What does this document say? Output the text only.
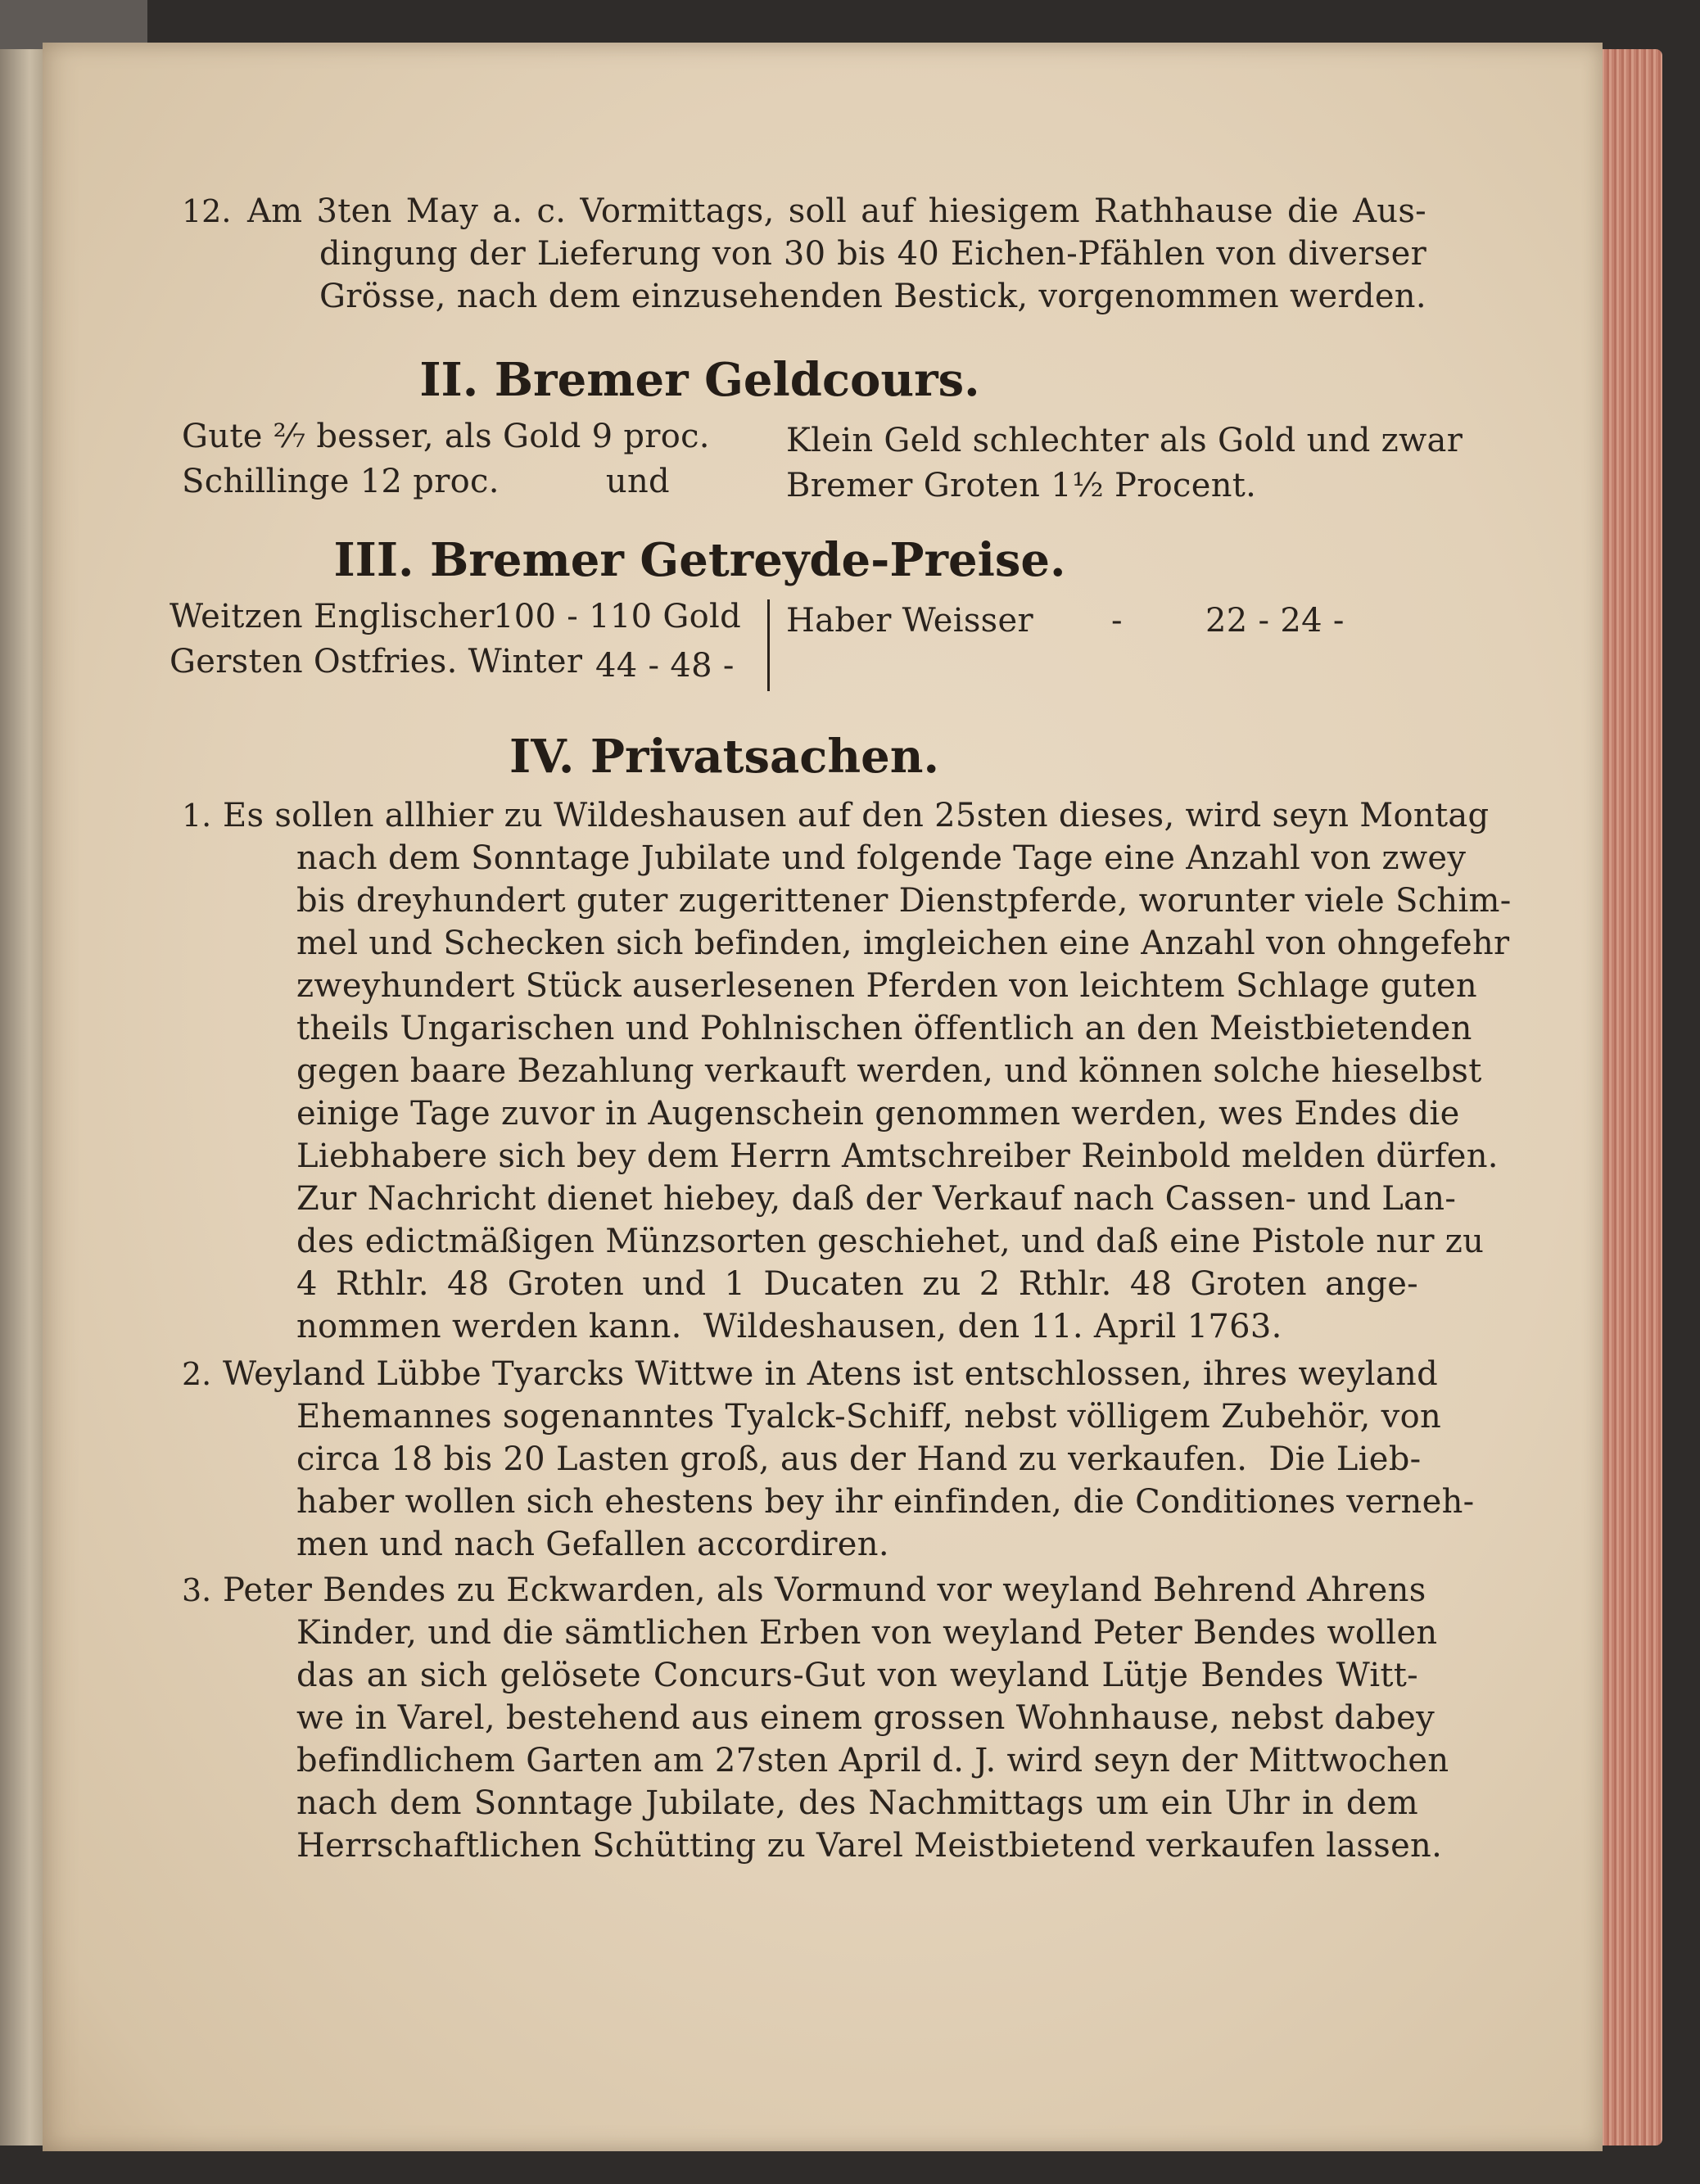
12. Am 3ten May a. c. Vormittags, soll auf hiesigem Rathhause die Aus-
dingung der Lieferung von 30 bis 40 Eichen-Pfählen von diverser
Grösse, nach dem einzusehenden Bestick, vorgenommen werden.
II. Bremer Geldcours.
Gute ²⁄₇ besser, als Gold 9 proc.
Schillinge 12 proc.          und
Klein Geld schlechter als Gold und zwar
Bremer Groten 1½ Procent.
III. Bremer Getreyde-Preise.
Weitzen Englischer
100 - 110 Gold
Gersten Ostfries. Winter 44 - 48 -
Haber Weisser -	22 - 24 -
IV. Privatsachen.
1. Es sollen allhier zu Wildeshausen auf den 25sten dieses, wird seyn Montag
nach dem Sonntage Jubilate und folgende Tage eine Anzahl von zwey
bis dreyhundert guter zugerittener Dienstpferde, worunter viele Schim-
mel und Schecken sich befinden, imgleichen eine Anzahl von ohngefehr
zweyhundert Stück auserlesenen Pferden von leichtem Schlage guten
theils Ungarischen und Pohlnischen öffentlich an den Meistbietenden
gegen baare Bezahlung verkauft werden, und können solche hieselbst
einige Tage zuvor in Augenschein genommen werden, wes Endes die
Liebhabere sich bey dem Herrn Amtschreiber Reinbold melden dürfen.
Zur Nachricht dienet hiebey, daß der Verkauf nach Cassen- und Lan-
des edictmäßigen Münzsorten geschiehet, und daß eine Pistole nur zu
4 Rthlr. 48 Groten und 1 Ducaten zu 2 Rthlr. 48 Groten ange-
nommen werden kann.  Wildeshausen, den 11. April 1763.
2. Weyland Lübbe Tyarcks Wittwe in Atens ist entschlossen, ihres weyland
Ehemannes sogenanntes Tyalck-Schiff, nebst völligem Zubehör, von
circa 18 bis 20 Lasten groß, aus der Hand zu verkaufen.  Die Lieb-
haber wollen sich ehestens bey ihr einfinden, die Conditiones verneh-
men und nach Gefallen accordiren.
3. Peter Bendes zu Eckwarden, als Vormund vor weyland Behrend Ahrens
Kinder, und die sämtlichen Erben von weyland Peter Bendes wollen
das an sich gelösete Concurs-Gut von weyland Lütje Bendes Witt-
we in Varel, bestehend aus einem grossen Wohnhause, nebst dabey
befindlichem Garten am 27sten April d. J. wird seyn der Mittwochen
nach dem Sonntage Jubilate, des Nachmittags um ein Uhr in dem
Herrschaftlichen Schütting zu Varel Meistbietend verkaufen lassen.
